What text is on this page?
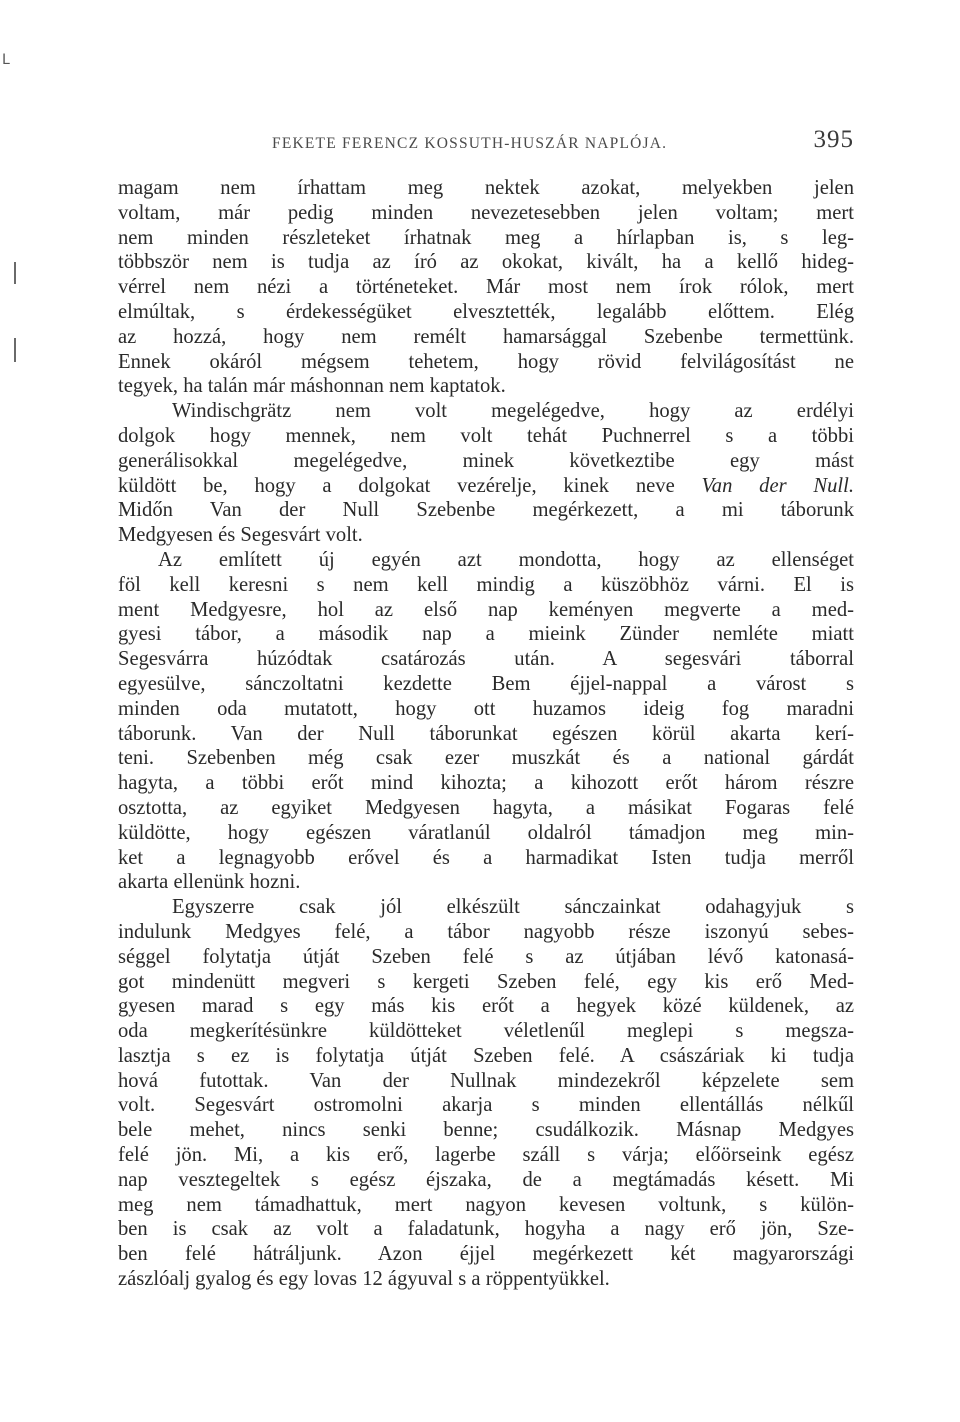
L
FEKETE FERENCZ KOSSUTH-HUSZÁR NAPLÓJA.	395
magam nem írhattam meg nektek azokat, melyekben jelen
voltam, már pedig minden nevezetesebben jelen voltam; mert
nem minden részleteket írhatnak meg a hírlapban is, s leg-
többször nem is tudja az író az okokat, kivált, ha a kellő hideg-
vérrel nem nézi a történeteket. Már most nem írok rólok, mert
elmúltak, s érdekességüket elvesztették, legalább előttem. Elég
az hozzá, hogy nem remélt hamarsággal Szebenbe termettünk.
Ennek okáról mégsem tehetem, hogy rövid felvilágosítást ne
tegyek, ha talán már máshonnan nem kaptatok.
Windischgrätz nem volt megelégedve, hogy az erdélyi
dolgok hogy mennek, nem volt tehát Puchnerrel s a többi
generálisokkal megelégedve, minek következtibe egy mást
küldött be, hogy a dolgokat vezérelje, kinek neve Van der Null.
Midőn Van der Null Szebenbe megérkezett, a mi táborunk
Medgyesen és Segesvárt volt.
Az említett új egyén azt mondotta, hogy az ellenséget
föl kell keresni s nem kell mindig a küszöbhöz várni. El is
ment Medgyesre, hol az első nap keményen megverte a med-
gyesi tábor, a második nap a mieink Zünder nemléte miatt
Segesvárra húzódtak csatározás után. A segesvári táborral
egyesülve, sánczoltatni kezdette Bem éjjel-nappal a várost s
minden oda mutatott, hogy ott huzamos ideig fog maradni
táborunk. Van der Null táborunkat egészen körül akarta kerí-
teni. Szebenben még csak ezer muszkát és a national gárdát
hagyta, a többi erőt mind kihozta; a kihozott erőt három részre
osztotta, az egyiket Medgyesen hagyta, a másikat Fogaras felé
küldötte, hogy egészen váratlanúl oldalról támadjon meg min-
ket a legnagyobb erővel és a harmadikat Isten tudja merről
akarta ellenünk hozni.
Egyszerre csak jól elkészült sánczainkat odahagyjuk s
indulunk Medgyes felé, a tábor nagyobb része iszonyú sebes-
séggel folytatja útját Szeben felé s az útjában lévő katonasá-
got mindenütt megveri s kergeti Szeben felé, egy kis erő Med-
gyesen marad s egy más kis erőt a hegyek közé küldenek, az
oda megkerítésünkre küldötteket véletlenűl meglepi s megsza-
lasztja s ez is folytatja útját Szeben felé. A császáriak ki tudja
hová futottak. Van der Nullnak mindezekről képzelete sem
volt. Segesvárt ostromolni akarja s minden ellentállás nélkűl
bele mehet, nincs senki benne; csudálkozik. Másnap Medgyes
felé jön. Mi, a kis erő, lagerbe száll s várja; előörseink egész
nap vesztegeltek s egész éjszaka, de a megtámadás késett. Mi
meg nem támadhattuk, mert nagyon kevesen voltunk, s külön-
ben is csak az volt a faladatunk, hogyha a nagy erő jön, Sze-
ben felé hátráljunk. Azon éjjel megérkezett két magyarországi
zászlóalj gyalog és egy lovas 12 ágyuval s a röppentyükkel.
